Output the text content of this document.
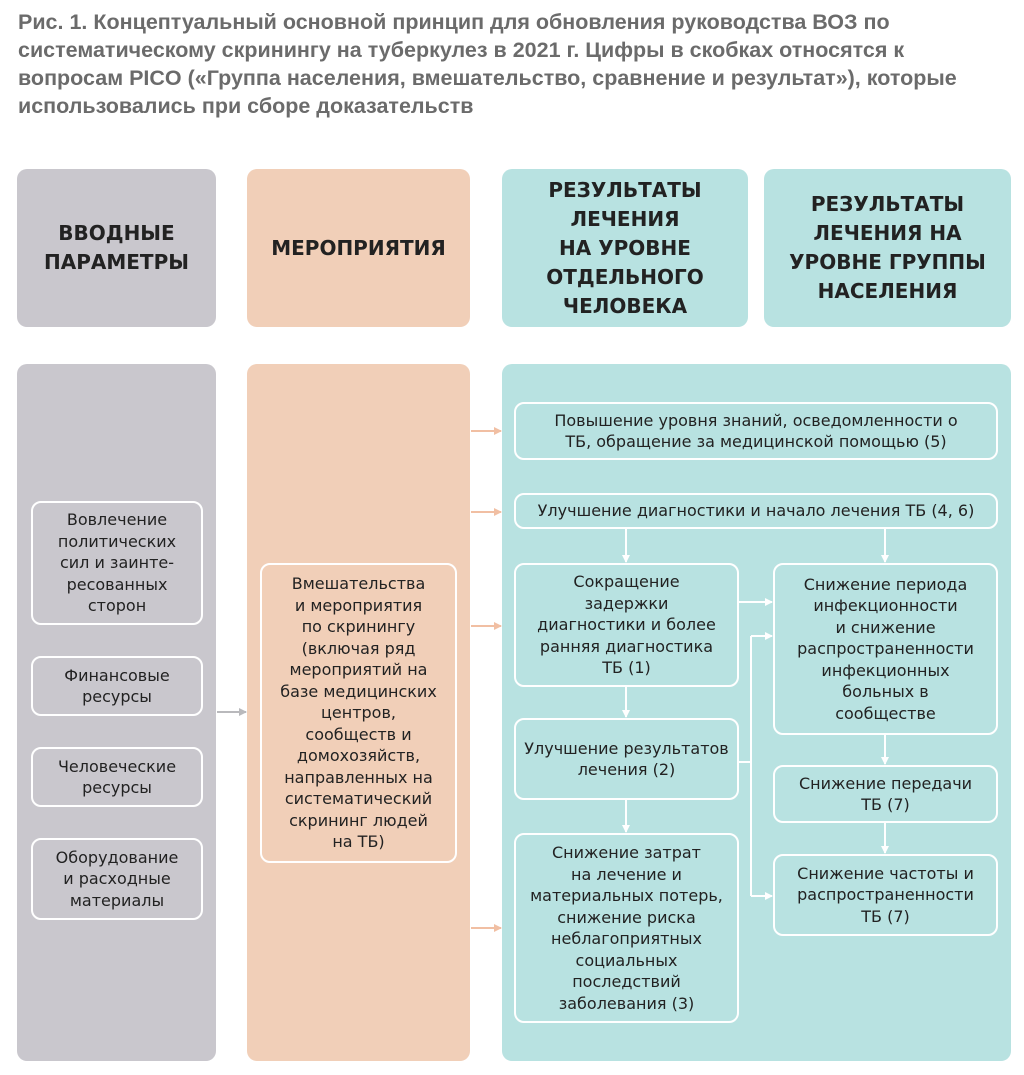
Рис. 1. Концептуальный основной принцип для обновления руководства ВОЗ по систематическому скринингу на туберкулез в 2021 г. Цифры в скобках относятся к вопросам PICO («Группа населения, вмешательство, сравнение и результат»), которые использовались при сборе доказательств

ВВОДНЫЕ
ПАРАМЕТРЫ
МЕРОПРИЯТИЯ
РЕЗУЛЬТАТЫ
ЛЕЧЕНИЯ
НА УРОВНЕ
ОТДЕЛЬНОГО
ЧЕЛОВЕКА
РЕЗУЛЬТАТЫ
ЛЕЧЕНИЯ НА
УРОВНЕ ГРУППЫ
НАСЕЛЕНИЯ
Вовлечение
политических
сил и заинте-
ресованных
сторон
Финансовые
ресурсы
Человеческие
ресурсы
Оборудование
и расходные
материалы
Вмешательства
и мероприятия
по скринингу
(включая ряд
мероприятий на
базе медицинских
центров,
сообществ и
домохозяйств,
направленных на
систематический
скрининг людей
на ТБ)
Повышение уровня знаний, осведомленности о
ТБ, обращение за медицинской помощью (5)
Улучшение диагностики и начало лечения ТБ (4, 6)
Сокращение
задержки
диагностики и более
ранняя диагностика
ТБ (1)
Улучшение результатов
лечения (2)
Снижение затрат
на лечение и
материальных потерь,
снижение риска
неблагоприятных
социальных
последствий
заболевания (3)
Снижение периода
инфекционности
и снижение
распространенности
инфекционных
больных в
сообществе
Снижение передачи
ТБ (7)
Снижение частоты и
распространенности
ТБ (7)
